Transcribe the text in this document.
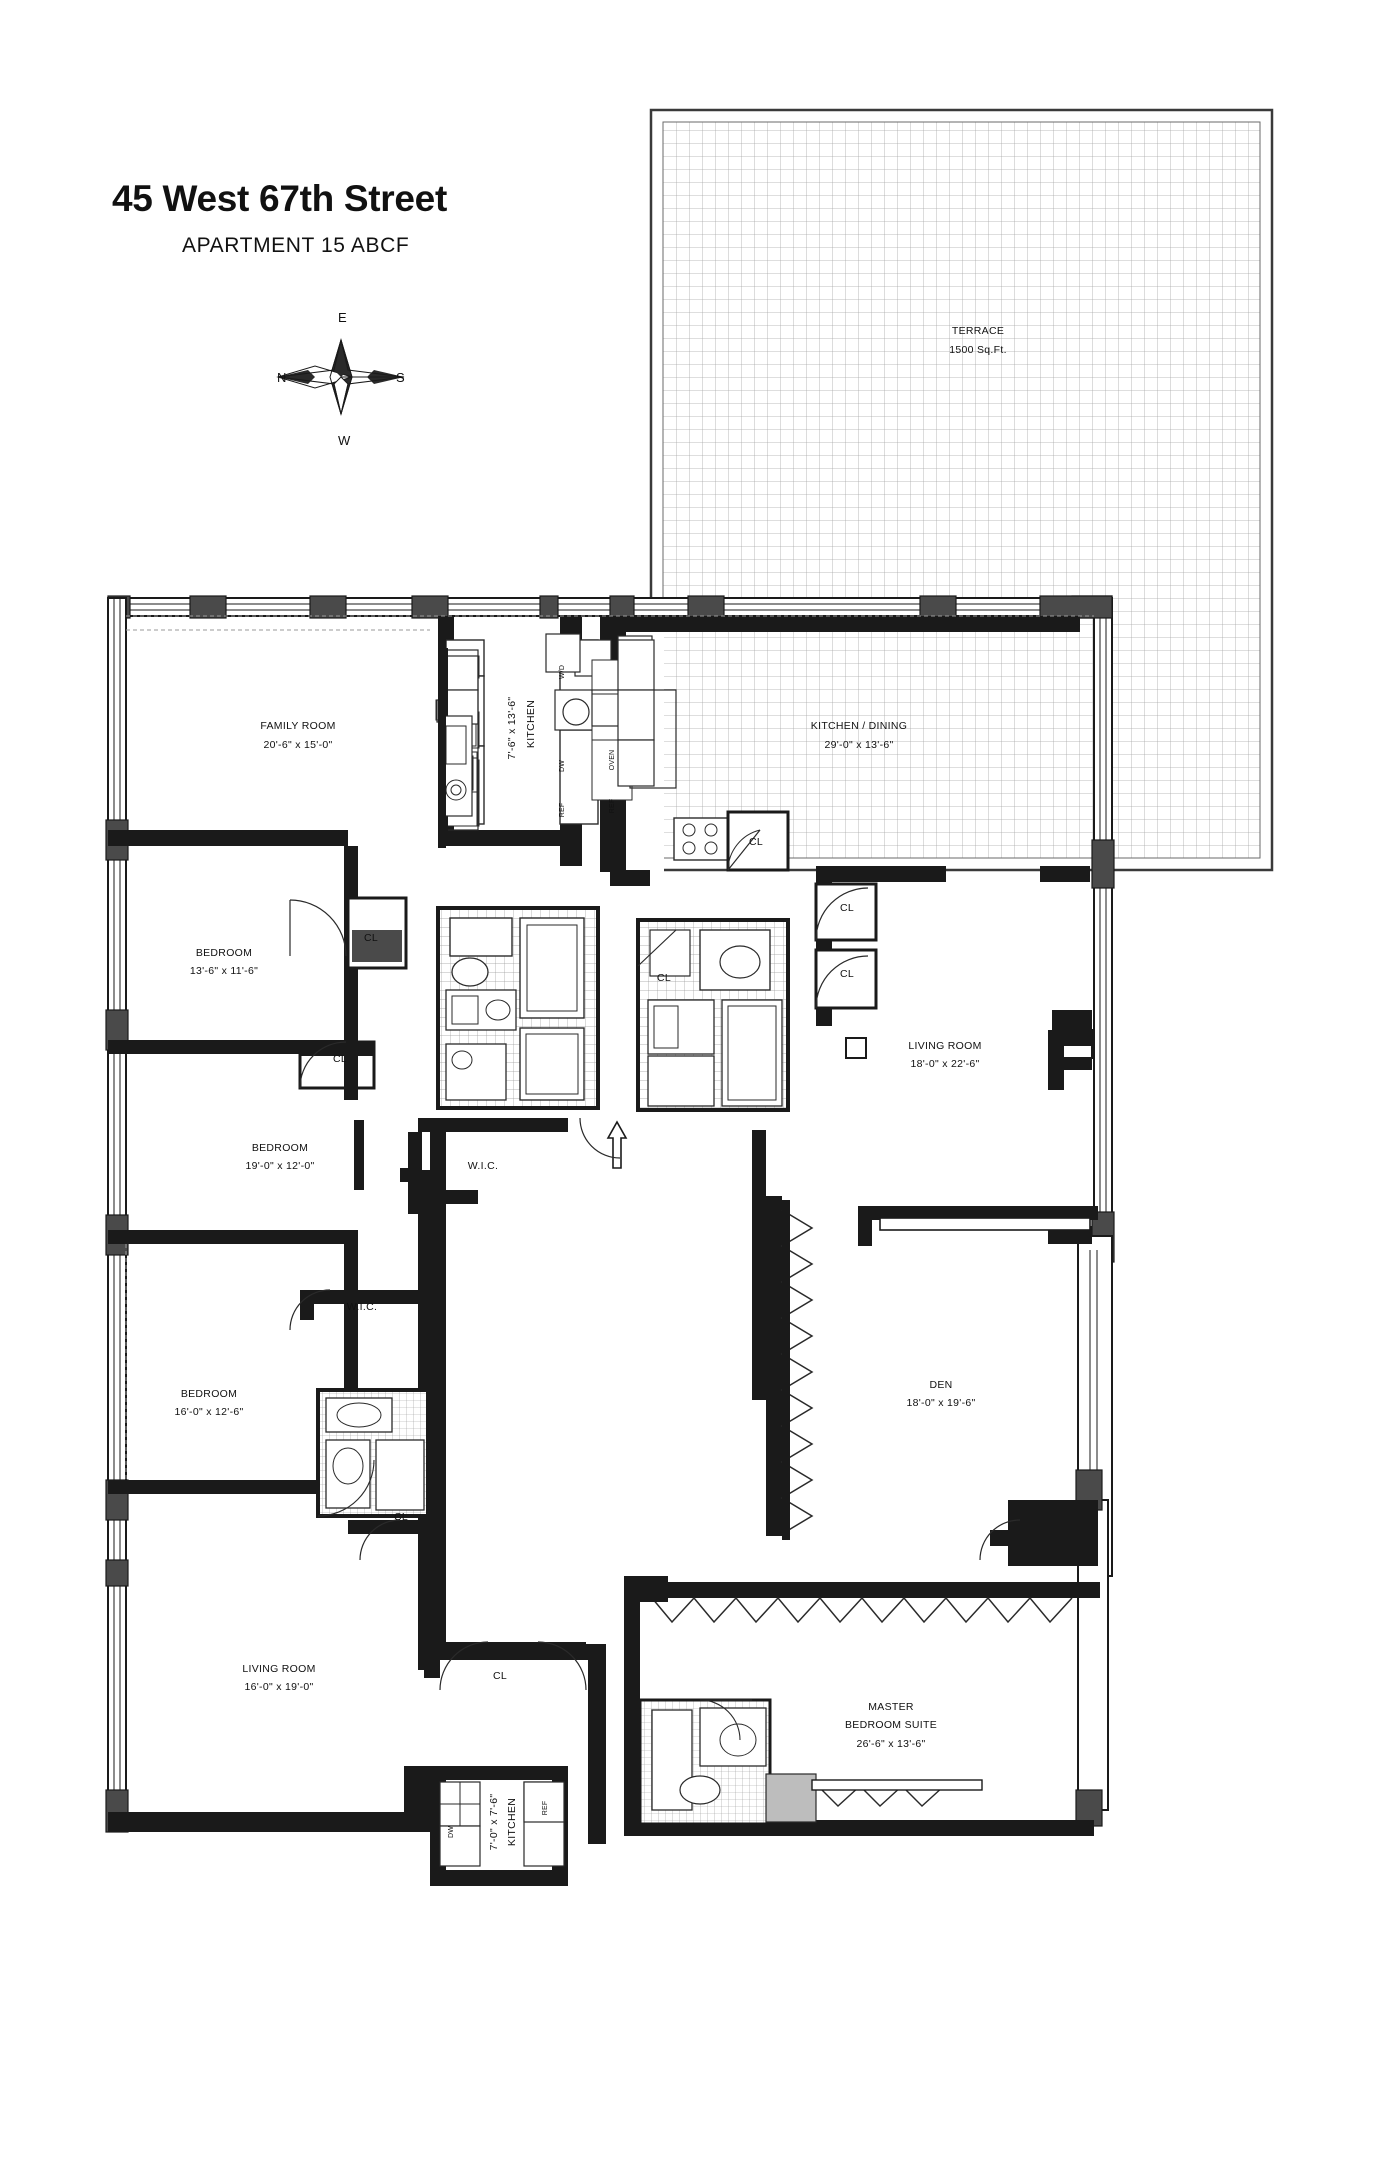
45 West 67th Street
APARTMENT 15 ABCF
E
N	S
W
TERRACE
1500 Sq.Ft.
FAMILY ROOM
20'-6" x 15'-0"	KITCHEN
7'-6" x 13'-6"	KITCHEN / DINING
29'-0" x 13'-6"
BEDROOM
13'-6" x 11'-6"
BEDROOM
19'-0" x 12'-0"
BEDROOM
16'-0" x 12'-6"
LIVING ROOM
18'-0" x 22'-6"
DEN
18'-0" x 19'-6"
LIVING ROOM
16'-0" x 19'-0"
MASTER
BEDROOM SUITE
26'-6" x 13'-6"
KITCHEN
7'-0" x 7'-6"
CL
CL
CL
CL
CL
CL
CL
CL
W.I.C.
W.I.C.
W/D
DW
REF
OVEN
REF
DW
REF
